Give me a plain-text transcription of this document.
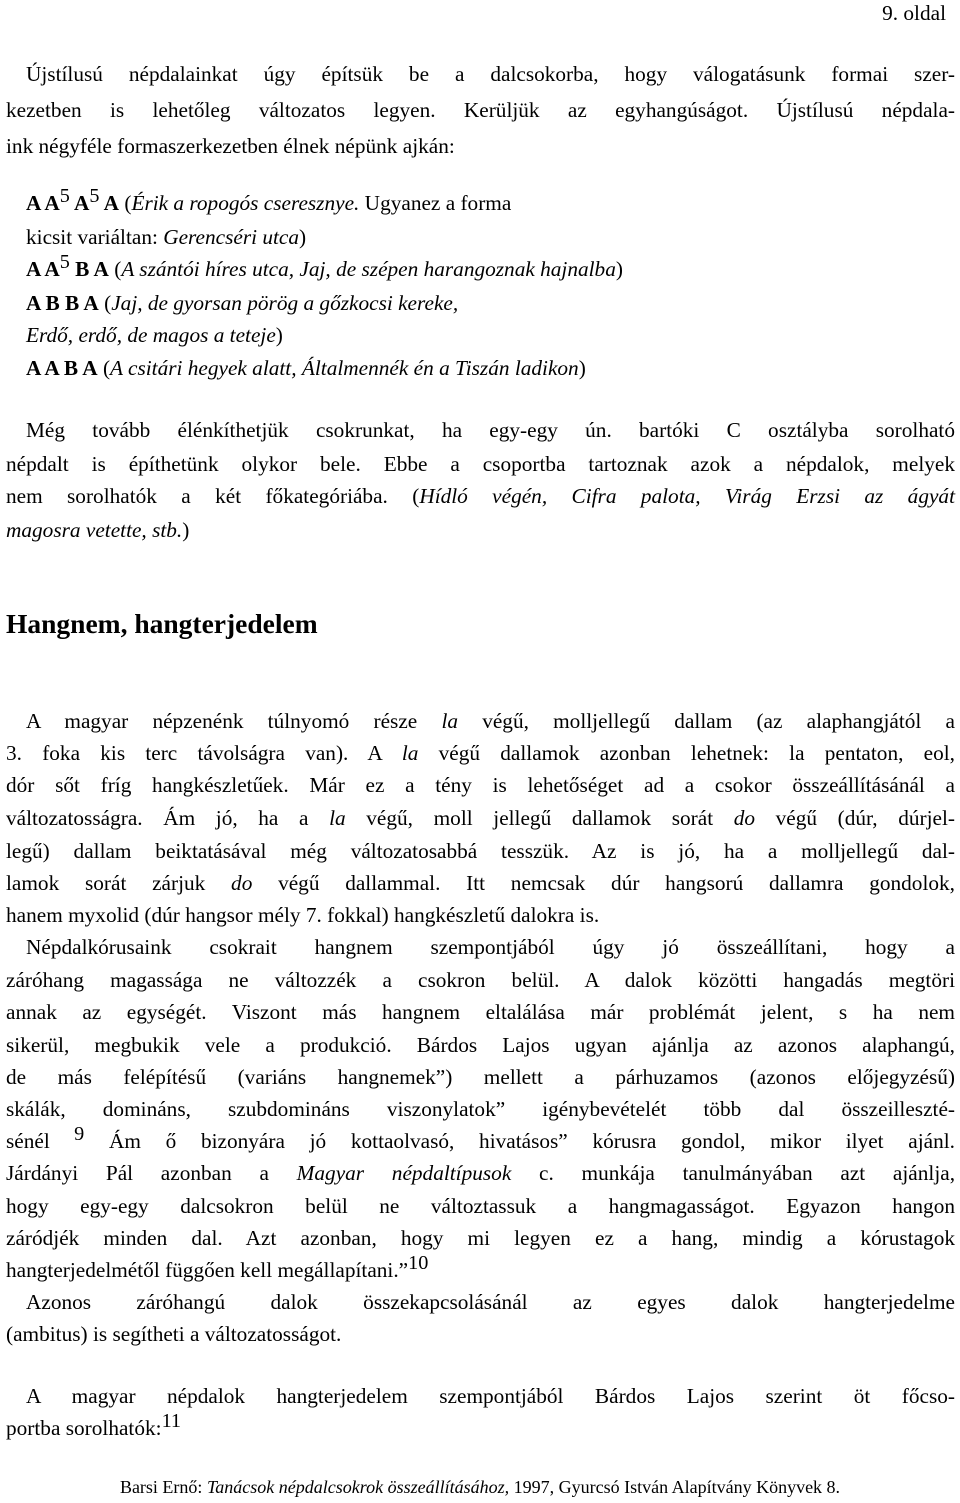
9. oldal
Újstílusú népdalainkat úgy építsük be a dalcsokorba, hogy válogatásunk formai szer-
kezetben is lehetőleg változatos legyen. Kerüljük az egyhangúságot. Újstílusú népdala-
ink négyféle formaszerkezetben élnek népünk ajkán:
A $A^5$ $A^5$ A (Érik a ropogós cseresznye. Ugyanez a forma
kicsit variáltan: Gerencséri utca)
A $A^5$ B A (A szántói híres utca, Jaj, de szépen harangoznak hajnalba)
A B B A (Jaj, de gyorsan pörög a gőzkocsi kereke,
Erdő, erdő, de magos a teteje)
A A B A (A csitári hegyek alatt, Általmennék én a Tiszán ladikon)
Még tovább élénkíthetjük csokrunkat, ha egy-egy ún. bartóki C osztályba sorolható
népdalt is építhetünk olykor bele. Ebbe a csoportba tartoznak azok a népdalok, melyek
nem sorolhatók a két főkategóriába. (Hídló végén, Cifra palota, Virág Erzsi az ágyát
magosra vetette, stb.)
Hangnem, hangterjedelem
A magyar népzenénk túlnyomó része la végű, molljellegű dallam (az alaphangjától a
3. foka kis terc távolságra van). A la végű dallamok azonban lehetnek: la pentaton, eol,
dór sőt fríg hangkészletűek. Már ez a tény is lehetőséget ad a csokor összeállításánál a
változatosságra. Ám jó, ha a la végű, moll jellegű dallamok sorát do végű (dúr, dúrjel-
legű) dallam beiktatásával még változatosabbá tesszük. Az is jó, ha a molljellegű dal-
lamok sorát zárjuk do végű dallammal. Itt nemcsak dúr hangsorú dallamra gondolok,
hanem myxolid (dúr hangsor mély 7. fokkal) hangkészletű dalokra is.
Népdalkórusaink csokrait hangnem szempontjából úgy jó összeállítani, hogy a
záróhang magassága ne változzék a csokron belül. A dalok közötti hangadás megtöri
annak az egységét. Viszont más hangnem eltalálása már problémát jelent, s ha nem
sikerül, megbukik vele a produkció. Bárdos Lajos ugyan ajánlja az azonos alaphangú,
de más felépítésű (variáns hangnemek”) mellett a párhuzamos (azonos előjegyzésű)
skálák, domináns, szubdomináns viszonylatok” igénybevételét több dal összeilleszté-
sénél $^9$ Ám ő bizonyára jó kottaolvasó, hivatásos” kórusra gondol, mikor ilyet ajánl.
Járdányi Pál azonban a Magyar népdaltípusok c. munkája tanulmányában azt ajánlja,
hogy egy-egy dalcsokron belül ne változtassuk a hangmagasságot. Egyazon hangon
záródjék minden dal. Azt azonban, hogy mi legyen ez a hang, mindig a kórustagok
hangterjedelmétől függően kell megállapítani.”$^{10}$
Azonos záróhangú dalok összekapcsolásánál az egyes dalok hangterjedelme
(ambitus) is segítheti a változatosságot.
A magyar népdalok hangterjedelem szempontjából Bárdos Lajos szerint öt főcso-
portba sorolhatók:$^{11}$
Barsi Ernő: Tanácsok népdalcsokrok összeállításához, 1997, Gyurcsó István Alapítvány Könyvek 8.
